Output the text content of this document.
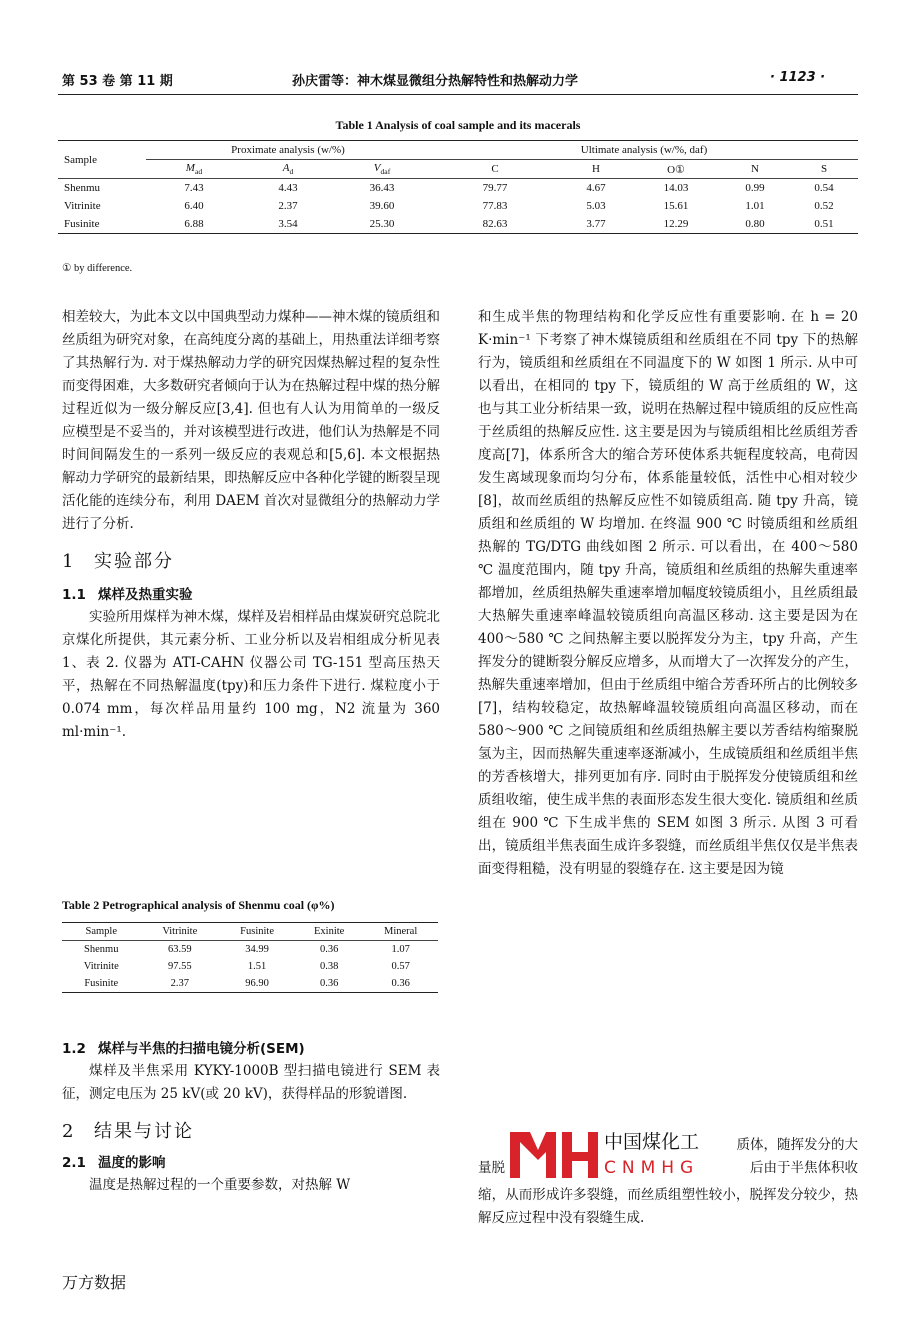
第 53 卷 第 11 期	孙庆雷等：神木煤显微组分热解特性和热解动力学	· 1123 ·
Table 1 Analysis of coal sample and its macerals
Sample	Proximate analysis (w/%)			Ultimate analysis (w/%, daf)				
	$M_{ad}$	$A_d$	$V_{daf}$	C	H	O①	N	S
Shenmu	7.43	4.43	36.43	79.77	4.67	14.03	0.99	0.54
Vitrinite	6.40	2.37	39.60	77.83	5.03	15.61	1.01	0.52
Fusinite	6.88	3.54	25.30	82.63	3.77	12.29	0.80	0.51
① by difference.

相差较大，为此本文以中国典型动力煤种——神木煤的镜质组和丝质组为研究对象，在高纯度分离的基础上，用热重法详细考察了其热解行为. 对于煤热解动力学的研究因煤热解过程的复杂性而变得困难，大多数研究者倾向于认为在热解过程中煤的热分解过程近似为一级分解反应[3,4]. 但也有人认为用简单的一级反应模型是不妥当的，并对该模型进行改进，他们认为热解是不同时间间隔发生的一系列一级反应的表观总和[5,6]. 本文根据热解动力学研究的最新结果，即热解反应中各种化学键的断裂呈现活化能的连续分布，利用 DAEM 首次对显微组分的热解动力学进行了分析.

1 实验部分
1.1 煤样及热重实验

实验所用煤样为神木煤，煤样及岩相样品由煤炭研究总院北京煤化所提供，其元素分析、工业分析以及岩相组成分析见表 1、表 2. 仪器为 ATI-CAHN 仪器公司 TG-151 型高压热天平，热解在不同热解温度(tpy)和压力条件下进行. 煤粒度小于 0.074 mm，每次样品用量约 100 mg，N2 流量为 360 ml·min⁻¹.

Table 2 Petrographical analysis of Shenmu coal (φ%)
Sample	Vitrinite	Fusinite	Exinite	Mineral
Shenmu	63.59	34.99	0.36	1.07
Vitrinite	97.55	1.51	0.38	0.57
Fusinite	2.37	96.90	0.36	0.36
1.2 煤样与半焦的扫描电镜分析(SEM)

煤样及半焦采用 KYKY-1000B 型扫描电镜进行 SEM 表征，测定电压为 25 kV(或 20 kV)，获得样品的形貌谱图.

2 结果与讨论
2.1 温度的影响

温度是热解过程的一个重要参数，对热解 W

和生成半焦的物理结构和化学反应性有重要影响. 在 h = 20 K·min⁻¹ 下考察了神木煤镜质组和丝质组在不同 tpy 下的热解行为，镜质组和丝质组在不同温度下的 W 如图 1 所示. 从中可以看出，在相同的 tpy 下，镜质组的 W 高于丝质组的 W，这也与其工业分析结果一致，说明在热解过程中镜质组的反应性高于丝质组的热解反应性. 这主要是因为与镜质组相比丝质组芳香度高[7]，体系所含大的缩合芳环使体系共轭程度较高，电荷因发生离域现象而均匀分布，体系能量较低，活性中心相对较少[8]，故而丝质组的热解反应性不如镜质组高. 随 tpy 升高，镜质组和丝质组的 W 均增加. 在终温 900 ℃ 时镜质组和丝质组热解的 TG/DTG 曲线如图 2 所示. 可以看出，在 400～580 ℃ 温度范围内，随 tpy 升高，镜质组和丝质组的热解失重速率都增加，丝质组热解失重速率增加幅度较镜质组小，且丝质组最大热解失重速率峰温较镜质组向高温区移动. 这主要是因为在 400～580 ℃ 之间热解主要以脱挥发分为主，tpy 升高，产生挥发分的键断裂分解反应增多，从而增大了一次挥发分的产生，热解失重速率增加，但由于丝质组中缩合芳香环所占的比例较多[7]，结构较稳定，故热解峰温较镜质组向高温区移动，而在 580～900 ℃ 之间镜质组和丝质组热解主要以芳香结构缩聚脱氢为主，因而热解失重速率逐渐减小，生成镜质组和丝质组半焦的芳香核增大，排列更加有序. 同时由于脱挥发分使镜质组和丝质组收缩，使生成半焦的表面形态发生很大变化. 镜质组和丝质组在 900 ℃ 下生成半焦的 SEM 如图 3 所示. 从图 3 可看出，镜质组半焦表面生成许多裂缝，而丝质组半焦仅仅是半焦表面变得粗糙，没有明显的裂缝存在. 这主要是因为镜

质体，随挥发分的大
量脱	后由于半焦体积收

缩，从而形成许多裂缝，而丝质组塑性较小，脱挥发分较少，热解反应过程中没有裂缝生成.

中国煤化工
CNMHG
万方数据
